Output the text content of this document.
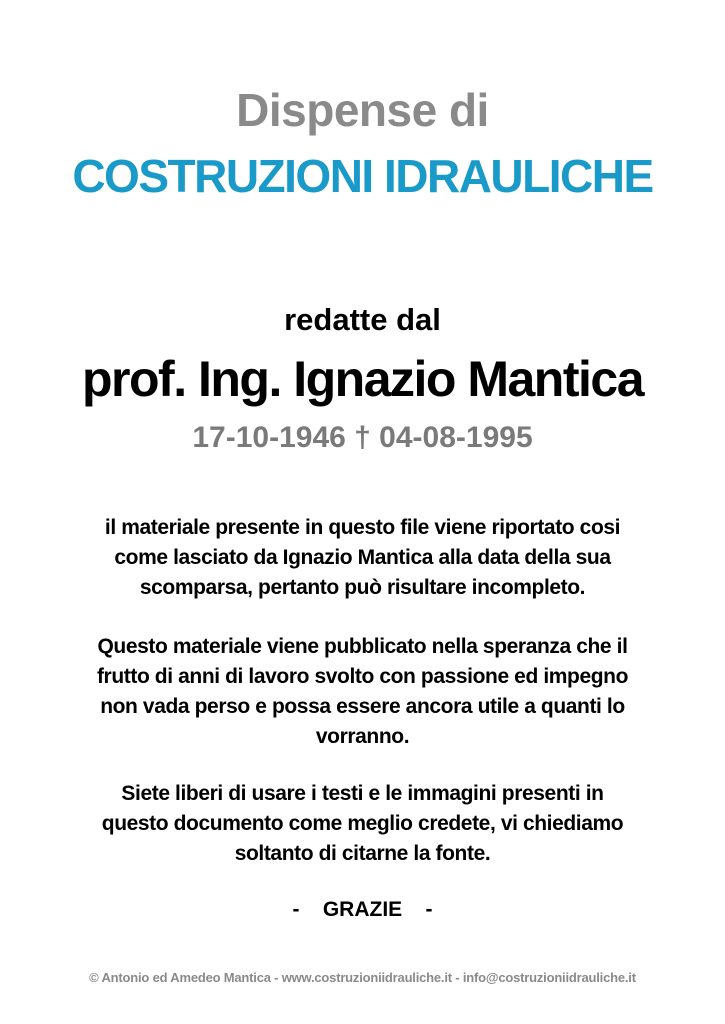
Dispense di
COSTRUZIONI IDRAULICHE
redatte dal
prof. Ing. Ignazio Mantica
17-10-1946 † 04-08-1995
il materiale presente in questo file viene riportato cosi
come lasciato da Ignazio Mantica alla data della sua
scomparsa, pertanto può risultare incompleto.
Questo materiale viene pubblicato nella speranza che il
frutto di anni di lavoro svolto con passione ed impegno
non vada perso e possa essere ancora utile a quanti lo
vorranno.
Siete liberi di usare i testi e le immagini presenti in
questo documento come meglio credete, vi chiediamo
soltanto di citarne la fonte.
-    GRAZIE    -
© Antonio ed Amedeo Mantica - www.costruzioniidrauliche.it - info@costruzioniidrauliche.it
